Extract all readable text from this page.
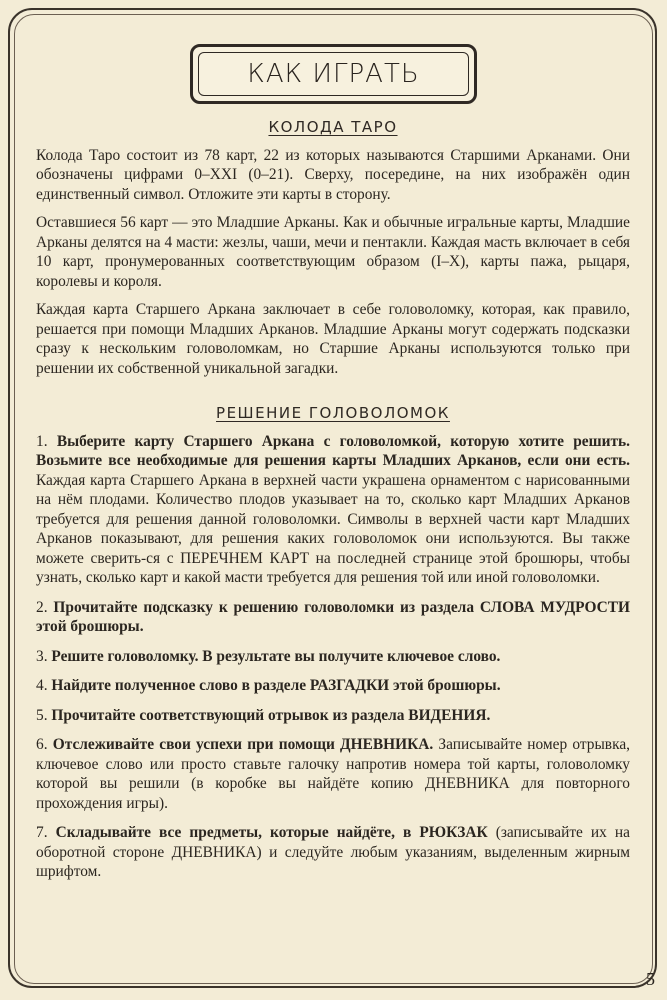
КАК ИГРАТЬ
КОЛОДА ТАРО

Колода Таро состоит из 78 карт, 22 из которых называются Старшими Арканами. Они обозначены цифрами 0–XXI (0–21). Сверху, посередине, на них изображён один единственный символ. Отложите эти карты в сторону.

Оставшиеся 56 карт — это Младшие Арканы. Как и обычные игральные карты, Младшие Арканы делятся на 4 масти: жезлы, чаши, мечи и пентакли. Каждая масть включает в себя 10 карт, пронумерованных соответствующим образом (I–X), карты пажа, рыцаря, королевы и короля.

Каждая карта Старшего Аркана заключает в себе головоломку, которая, как правило, решается при помощи Младших Арканов. Младшие Арканы могут содержать подсказки сразу к нескольким головоломкам, но Старшие Арканы используются только при решении их собственной уникальной загадки.

РЕШЕНИЕ ГОЛОВОЛОМОК
1. Выберите карту Старшего Аркана с головоломкой, которую хотите решить. Возьмите все необходимые для решения карты Младших Арканов, если они есть. Каждая карта Старшего Аркана в верхней части украшена орнаментом с нарисованными на нём плодами. Количество плодов указывает на то, сколько карт Младших Арканов требуется для решения данной головоломки. Символы в верхней части карт Младших Арканов показывают, для решения каких головоломок они используются. Вы также можете сверить-ся с ПЕРЕЧНЕМ КАРТ на последней странице этой брошюры, чтобы узнать, сколько карт и какой масти требуется для решения той или иной головоломки.
2. Прочитайте подсказку к решению головоломки из раздела СЛОВА МУДРОСТИ этой брошюры.
3. Решите головоломку. В результате вы получите ключевое слово.
4. Найдите полученное слово в разделе РАЗГАДКИ этой брошюры.
5. Прочитайте соответствующий отрывок из раздела ВИДЕНИЯ.
6. Отслеживайте свои успехи при помощи ДНЕВНИКА. Записывайте номер отрывка, ключевое слово или просто ставьте галочку напротив номера той карты, головоломку которой вы решили (в коробке вы найдёте копию ДНЕВНИКА для повторного прохождения игры).
7. Складывайте все предметы, которые найдёте, в РЮКЗАК (записывайте их на оборотной стороне ДНЕВНИКА) и следуйте любым указаниям, выделенным жирным шрифтом.
5
